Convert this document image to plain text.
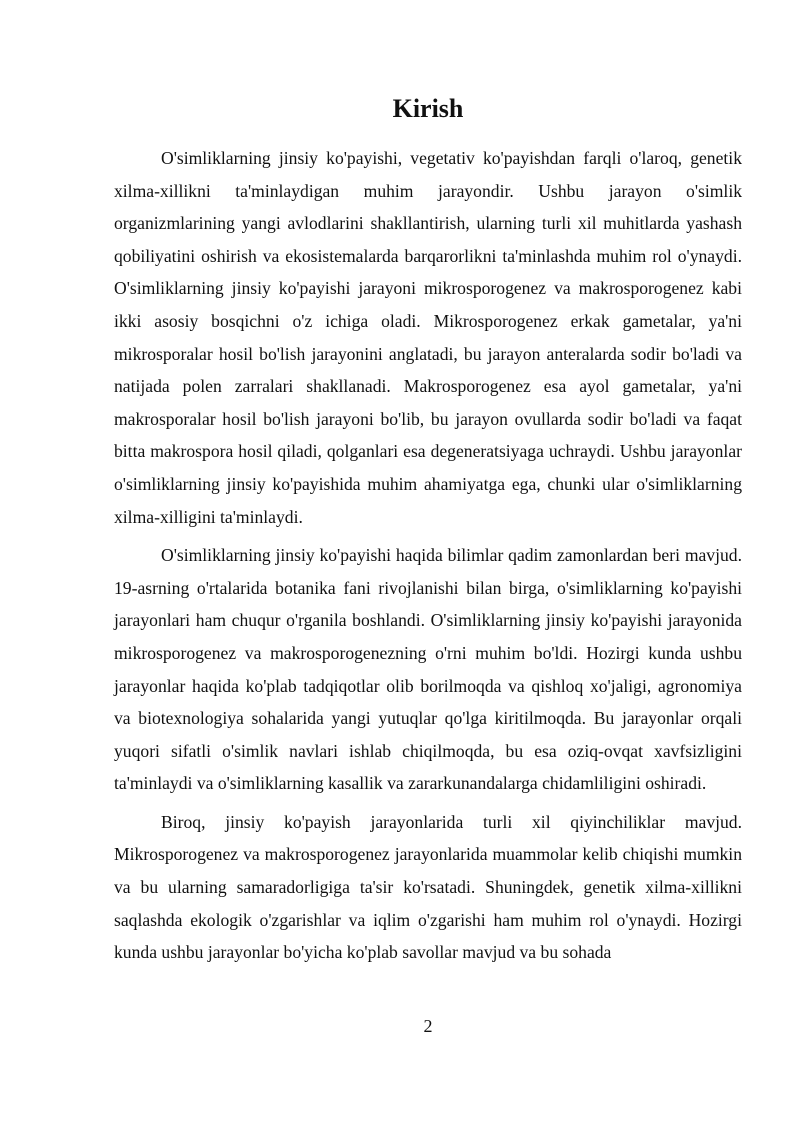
Kirish

O'simliklarning jinsiy ko'payishi, vegetativ ko'payishdan farqli o'laroq, genetik xilma-xillikni ta'minlaydigan muhim jarayondir. Ushbu jarayon o'simlik organizmlarining yangi avlodlarini shakllantirish, ularning turli xil muhitlarda yashash qobiliyatini oshirish va ekosistemalarda barqarorlikni ta'minlashda muhim rol o'ynaydi. O'simliklarning jinsiy ko'payishi jarayoni mikrosporogenez va makrosporogenez kabi ikki asosiy bosqichni o'z ichiga oladi. Mikrosporogenez erkak gametalar, ya'ni mikrosporalar hosil bo'lish jarayonini anglatadi, bu jarayon anteralarda sodir bo'ladi va natijada polen zarralari shakllanadi. Makrosporogenez esa ayol gametalar, ya'ni makrosporalar hosil bo'lish jarayoni bo'lib, bu jarayon ovullarda sodir bo'ladi va faqat bitta makrospora hosil qiladi, qolganlari esa degeneratsiyaga uchraydi. Ushbu jarayonlar o'simliklarning jinsiy ko'payishida muhim ahamiyatga ega, chunki ular o'simliklarning xilma-xilligini ta'minlaydi.

O'simliklarning jinsiy ko'payishi haqida bilimlar qadim zamonlardan beri mavjud. 19-asrning o'rtalarida botanika fani rivojlanishi bilan birga, o'simliklarning ko'payishi jarayonlari ham chuqur o'rganila boshlandi. O'simliklarning jinsiy ko'payishi jarayonida mikrosporogenez va makrosporogenezning o'rni muhim bo'ldi. Hozirgi kunda ushbu jarayonlar haqida ko'plab tadqiqotlar olib borilmoqda va qishloq xo'jaligi, agronomiya va biotexnologiya sohalarida yangi yutuqlar qo'lga kiritilmoqda. Bu jarayonlar orqali yuqori sifatli o'simlik navlari ishlab chiqilmoqda, bu esa oziq-ovqat xavfsizligini ta'minlaydi va o'simliklarning kasallik va zararkunandalarga chidamliligini oshiradi.

Biroq, jinsiy ko'payish jarayonlarida turli xil qiyinchiliklar mavjud. Mikrosporogenez va makrosporogenez jarayonlarida muammolar kelib chiqishi mumkin va bu ularning samaradorligiga ta'sir ko'rsatadi. Shuningdek, genetik xilma-xillikni saqlashda ekologik o'zgarishlar va iqlim o'zgarishi ham muhim rol o'ynaydi. Hozirgi kunda ushbu jarayonlar bo'yicha ko'plab savollar mavjud va bu sohada

2
